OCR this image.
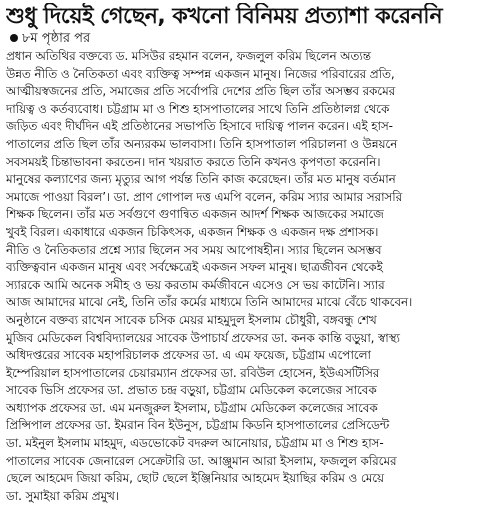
শুধু দিয়েই গেছেন, কখনো বিনিময় প্রত্যাশা করেননি
৮ম পৃষ্ঠার পর
প্রধান অতিথির বক্তব্যে ড. মসিউর রহমান বলেন, ফজলুল করিম ছিলেন অত্যন্ত
উন্নত নীতি ও নৈতিকতা এবং ব্যক্তিত্ব সম্পন্ন একজন মানুষ। নিজের পরিবারের প্রতি,
আত্মীয়স্বজনের প্রতি, সমাজের প্রতি সর্বোপরি দেশের প্রতি ছিল তাঁর অসম্ভব রকমের
দায়িত্ব ও কর্তব্যবোধ। চট্টগ্রাম মা ও শিশু হাসপাতালের সাথে তিনি প্রতিষ্ঠালগ্ন থেকে
জড়িত এবং দীর্ঘদিন এই প্রতিষ্ঠানের সভাপতি হিসাবে দায়িত্ব পালন করেন। এই হাস-
পাতালের প্রতি ছিল তাঁর অন্যরকম ভালবাসা। তিনি হাসপাতাল পরিচালনা ও উন্নয়নে
সবসময়ই চিন্তাভাবনা করতেন। দান খয়রাত করতে তিনি কখনও কৃপণতা করেননি।
মানুষের কল্যাণের জন্য মৃত্যুর আগ পর্যন্ত তিনি কাজ করেছেন। তাঁর মত মানুষ বর্তমান
সমাজে পাওয়া বিরল’। ডা. প্রাণ গোপাল দত্ত এমপি বলেন, করিম স্যার আমার সরাসরি
শিক্ষক ছিলেন। তাঁর মত সর্বগুণে গুণান্বিত একজন আদর্শ শিক্ষক আজকের সমাজে
খুবই বিরল। একাধারে একজন চিকিৎসক, একজন শিক্ষক ও একজন দক্ষ প্রশাসক।
নীতি ও নৈতিকতার প্রশ্নে স্যার ছিলেন সব সময় আপোষহীন। স্যার ছিলেন অসম্ভব
ব্যক্তিত্ববান একজন মানুষ এবং সর্বক্ষেত্রেই একজন সফল মানুষ। ছাত্রজীবন থেকেই
স্যারকে আমি অনেক সমীহ ও ভয় করতাম কর্মজীবনে এসেও সে ভয় কাটেনি। স্যার
আজ আমাদের মাঝে নেই, তিনি তাঁর কর্মের মাধ্যমে তিনি আমাদের মাঝে বেঁচে থাকবেন।
অনুষ্ঠানে বক্তব্য রাখেন সাবেক চসিক মেয়র মাহমুদুল ইসলাম চৌধুরী, বঙ্গবন্ধু শেখ
মুজিব মেডিকেল বিশ্ববিদ্যালয়ের সাবেক উপাচার্য প্রফেসর ডা. কনক কান্তি বড়ুয়া, স্বাস্থ্য
অধিদপ্তরের সাবেক মহাপরিচালক প্রফেসর ডা. এ এম ফয়েজ, চট্টগ্রাম এপোলো
ইম্পেরিয়াল হাসপাতালের চেয়ারম্যান প্রফেসর ডা. রবিউল হোসেন, ইউএসটিসির
সাবেক ভিসি প্রফেসর ডা. প্রভাত চন্দ্র বড়ুয়া, চট্টগ্রাম মেডিকেল কলেজের সাবেক
অধ্যাপক প্রফেসর ডা. এম মনজুরুল ইসলাম, চট্টগ্রাম মেডিকেল কলেজের সাবেক
প্রিন্সিপাল প্রফেসর ডা. ইমরান বিন ইউনুস, চট্টগ্রাম কিডনি হাসপাতালের প্রেসিডেন্ট
ডা. মইনুল ইসলাম মাহমুদ, এডভোকেট বদরুল আনোয়ার, চট্টগ্রাম মা ও শিশু হাস-
পাতালের সাবেক জেনারেল সেক্রেটারি ডা. আঞ্জুমান আরা ইসলাম, ফজলুল করিমের
ছেলে আহমেদ জিয়া করিম, ছোট ছেলে ইঞ্জিনিয়ার আহমেদ ইয়াছির করিম ও মেয়ে
ডা. সুমাইয়া করিম প্রমুখ।
